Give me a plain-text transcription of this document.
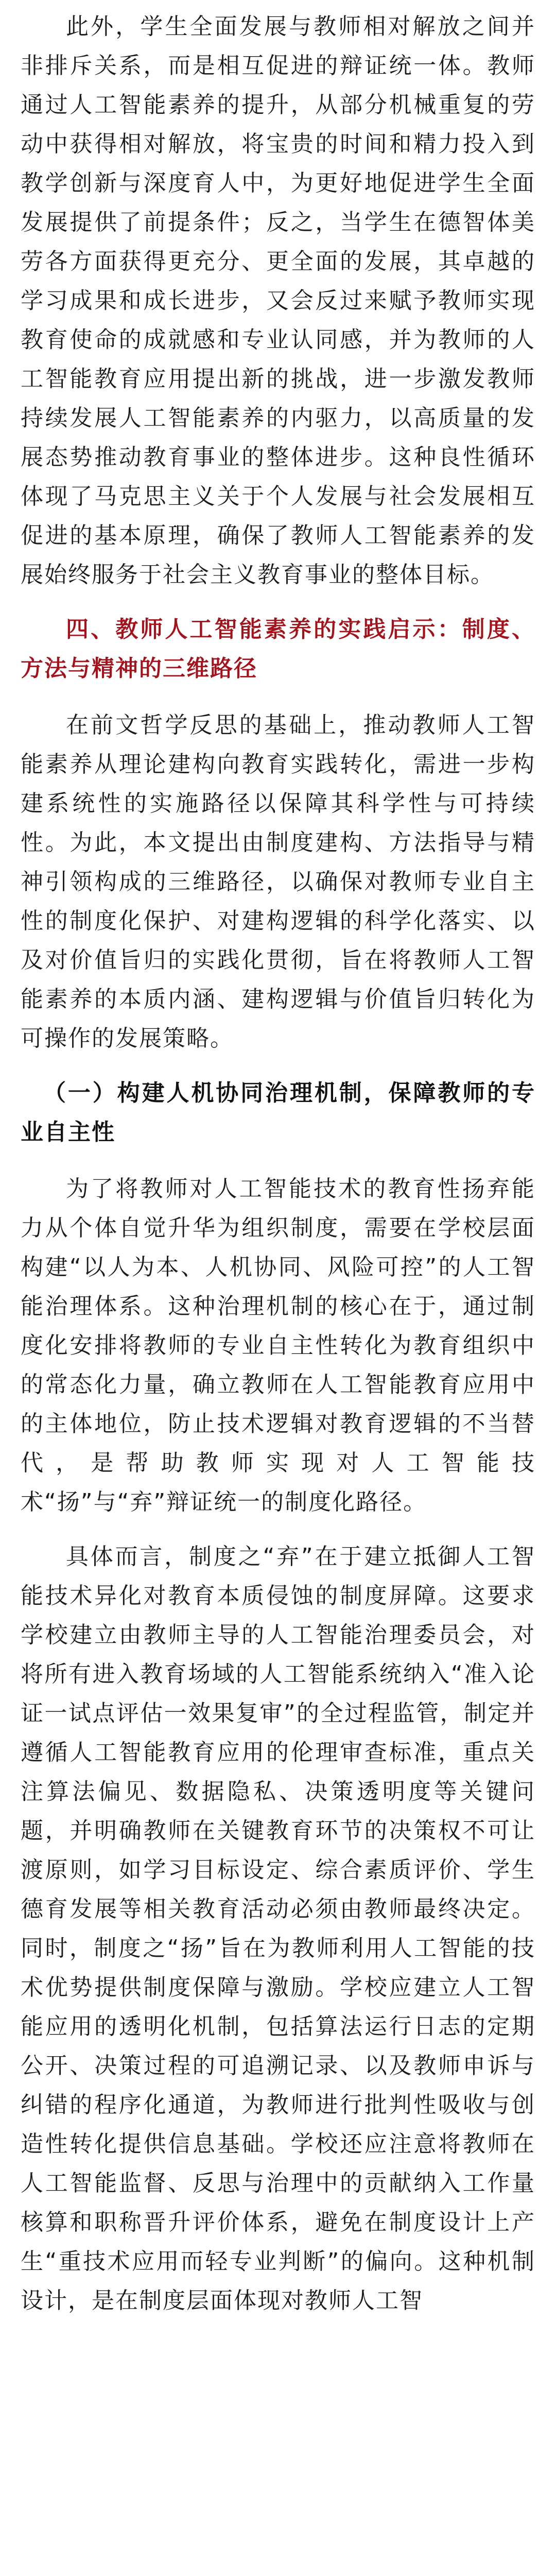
此外，学生全面发展与教师相对解放之间并非排斥关系，而是相互促进的辩证统一体。教师通过人工智能素养的提升，从部分机械重复的劳动中获得相对解放，将宝贵的时间和精力投入到教学创新与深度育人中，为更好地促进学生全面发展提供了前提条件；反之，当学生在德智体美劳各方面获得更充分、更全面的发展，其卓越的学习成果和成长进步，又会反过来赋予教师实现教育使命的成就感和专业认同感，并为教师的人工智能教育应用提出新的挑战，进一步激发教师持续发展人工智能素养的内驱力，以高质量的发展态势推动教育事业的整体进步。这种良性循环体现了马克思主义关于个人发展与社会发展相互促进的基本原理，确保了教师人工智能素养的发展始终服务于社会主义教育事业的整体目标。

四、教师人工智能素养的实践启示：制度、方法与精神的三维路径

在前文哲学反思的基础上，推动教师人工智能素养从理论建构向教育实践转化，需进一步构建系统性的实施路径以保障其科学性与可持续性。为此，本文提出由制度建构、方法指导与精神引领构成的三维路径，以确保对教师专业自主性的制度化保护、对建构逻辑的科学化落实、以及对价值旨归的实践化贯彻，旨在将教师人工智能素养的本质内涵、建构逻辑与价值旨归转化为可操作的发展策略。

（一）构建人机协同治理机制，保障教师的专业自主性

为了将教师对人工智能技术的教育性扬弃能力从个体自觉升华为组织制度，需要在学校层面构建“以人为本、人机协同、风险可控”的人工智能治理体系。这种治理机制的核心在于，通过制度化安排将教师的专业自主性转化为教育组织中的常态化力量，确立教师在人工智能教育应用中的主体地位，防止技术逻辑对教育逻辑的不当替代，是帮助教师实现对人工智能技术“扬”与“弃”辩证统一的制度化路径。

具体而言，制度之“弃”在于建立抵御人工智能技术异化对教育本质侵蚀的制度屏障。这要求学校建立由教师主导的人工智能治理委员会，对将所有进入教育场域的人工智能系统纳入“准入论证一试点评估一效果复审”的全过程监管，制定并遵循人工智能教育应用的伦理审查标准，重点关注算法偏见、数据隐私、决策透明度等关键问题，并明确教师在关键教育环节的决策权不可让渡原则，如学习目标设定、综合素质评价、学生德育发展等相关教育活动必须由教师最终决定。同时，制度之“扬”旨在为教师利用人工智能的技术优势提供制度保障与激励。学校应建立人工智能应用的透明化机制，包括算法运行日志的定期公开、决策过程的可追溯记录、以及教师申诉与纠错的程序化通道，为教师进行批判性吸收与创造性转化提供信息基础。学校还应注意将教师在人工智能监督、反思与治理中的贡献纳入工作量核算和职称晋升评价体系，避免在制度设计上产生“重技术应用而轻专业判断”的偏向。这种机制设计，是在制度层面体现对教师人工智
